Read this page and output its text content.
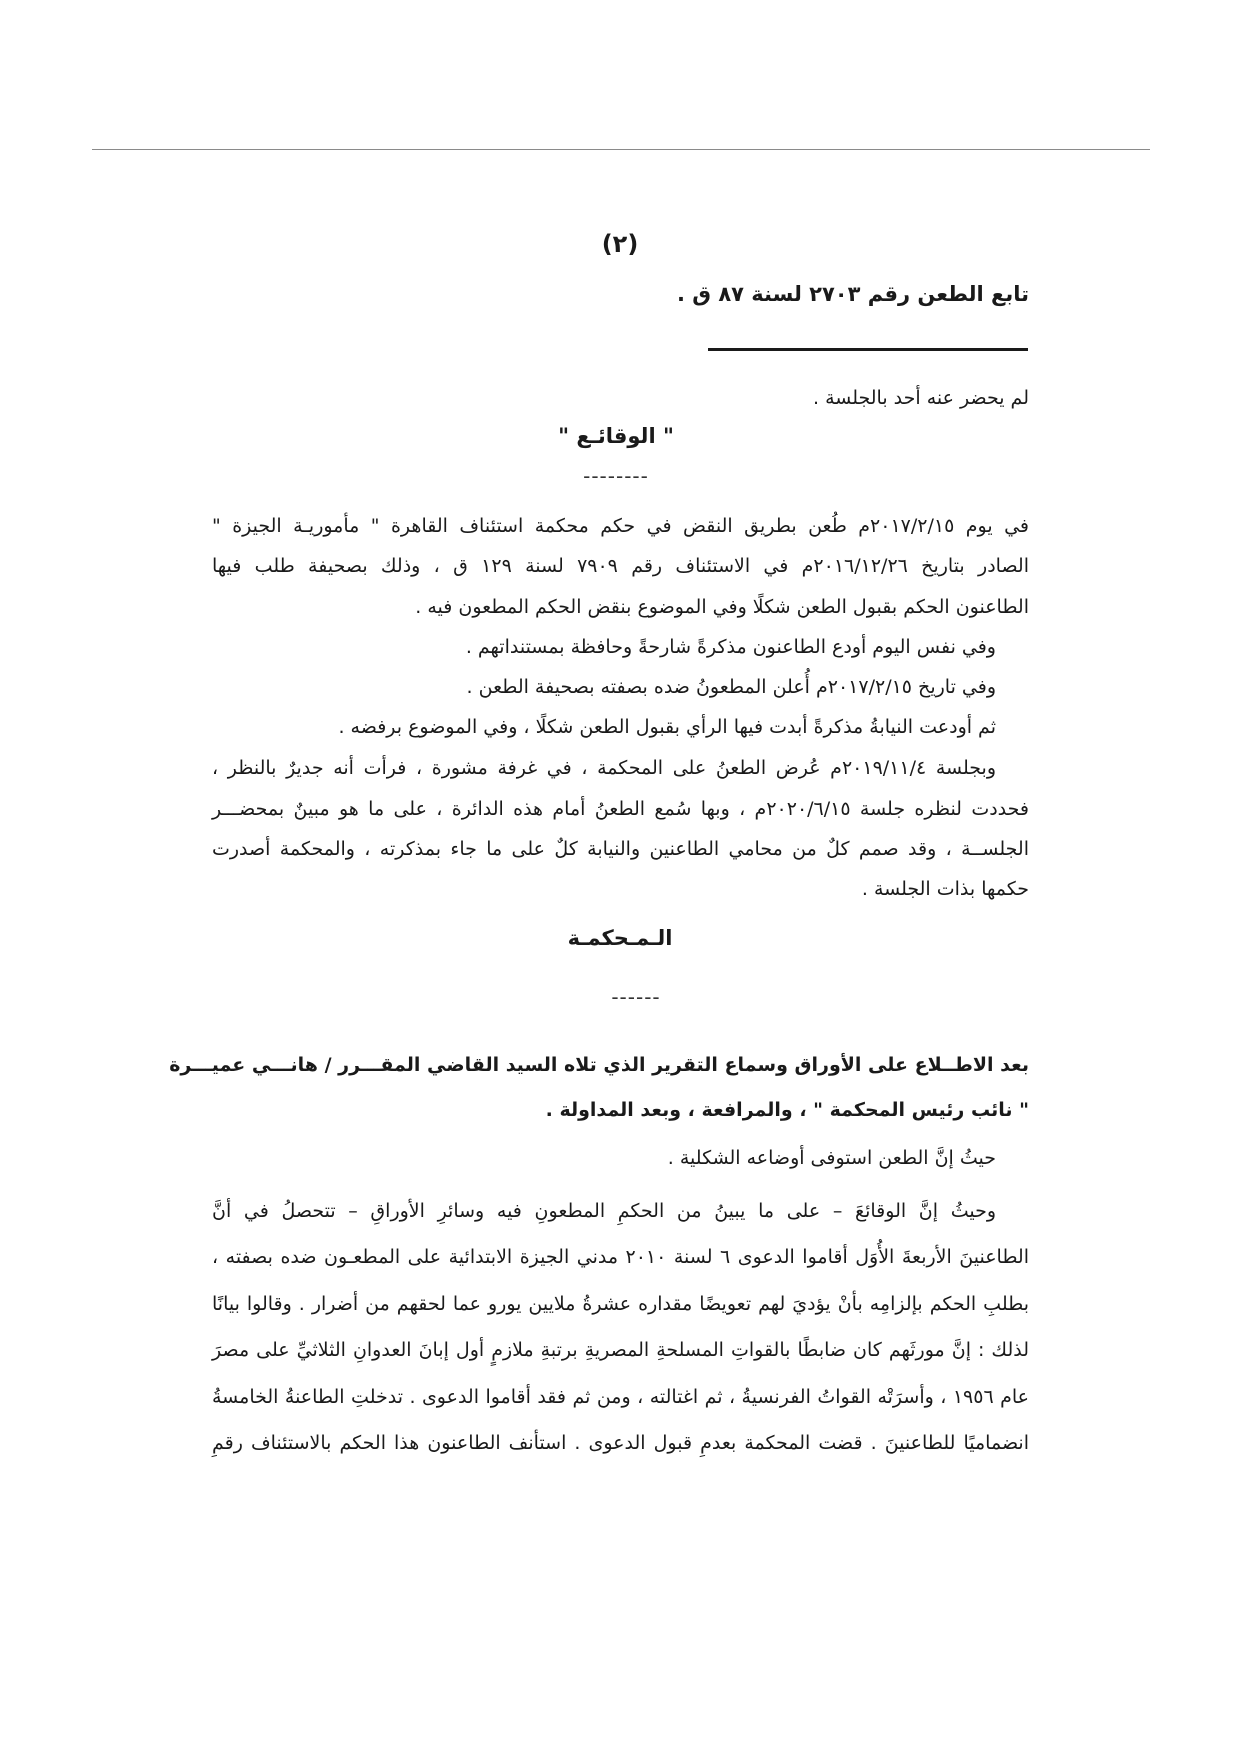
(٢)
تابع الطعن رقم ٢٧٠٣ لسنة ٨٧ ق .
لم يحضر عنه أحد بالجلسة .
" الوقائـع "
--------
في يوم ٢٠١٧/٢/١٥م طُعن بطريق النقض في حكم محكمة استئناف القاهرة " مأموريـة الجيزة "
الصادر بتاريخ ٢٠١٦/١٢/٢٦م في الاستئناف رقم ٧٩٠٩ لسنة ١٢٩ ق ، وذلك بصحيفة طلب فيها
الطاعنون الحكم بقبول الطعن شكلًا وفي الموضوع بنقض الحكم المطعون فيه .
وفي نفس اليوم أودع الطاعنون مذكرةً شارحةً وحافظة بمستنداتهم .
وفي تاريخ ٢٠١٧/٢/١٥م أُعلن المطعونُ ضده بصفته بصحيفة الطعن .
ثم أودعت النيابةُ مذكرةً أبدت فيها الرأي بقبول الطعن شكلًا ، وفي الموضوع برفضه .
وبجلسة ٢٠١٩/١١/٤م عُرض الطعنُ على المحكمة ، في غرفة مشورة ، فرأت أنه جديرٌ بالنظر ،
فحددت لنظره جلسة ٢٠٢٠/٦/١٥م ، وبها سُمع الطعنُ أمام هذه الدائرة ، على ما هو مبينٌ بمحضـــر
الجلســة ، وقد صمم كلٌ من محامي الطاعنين والنيابة كلٌ على ما جاء بمذكرته ، والمحكمة أصدرت
حكمها بذات الجلسة .
الـمـحكمـة
------
بعد الاطــلاع على الأوراق وسماع التقرير الذي تلاه السيد القاضي المقـــرر / هانـــي عميـــرة
" نائب رئيس المحكمة " ، والمرافعة ، وبعد المداولة .
حيثُ إنَّ الطعن استوفى أوضاعه الشكلية .
وحيثُ إنَّ الوقائعَ – على ما يبينُ من الحكمِ المطعونِ فيه وسائرِ الأوراقِ – تتحصلُ في أنَّ
الطاعنينَ الأربعةَ الأُوَل أقاموا الدعوى ٦ لسنة ٢٠١٠ مدني الجيزة الابتدائية على المطعـون ضده بصفته ،
بطلبِ الحكم بإلزامِه بأنْ يؤديَ لهم تعويضًا مقداره عشرةُ ملايين يورو عما لحقهم من أضرار . وقالوا بيانًا
لذلك : إنَّ مورثَهم كان ضابطًا بالقواتِ المسلحةِ المصريةِ برتبةِ ملازمٍ أول إبانَ العدوانِ الثلاثيِّ على مصرَ
عام ١٩٥٦ ، وأسرَتْه القواتُ الفرنسيةُ ، ثم اغتالته ، ومن ثم فقد أقاموا الدعوى . تدخلتِ الطاعنةُ الخامسةُ
انضماميًا للطاعنينَ . قضت المحكمة بعدمِ قبول الدعوى . استأنف الطاعنون هذا الحكم بالاستئناف رقمِ
